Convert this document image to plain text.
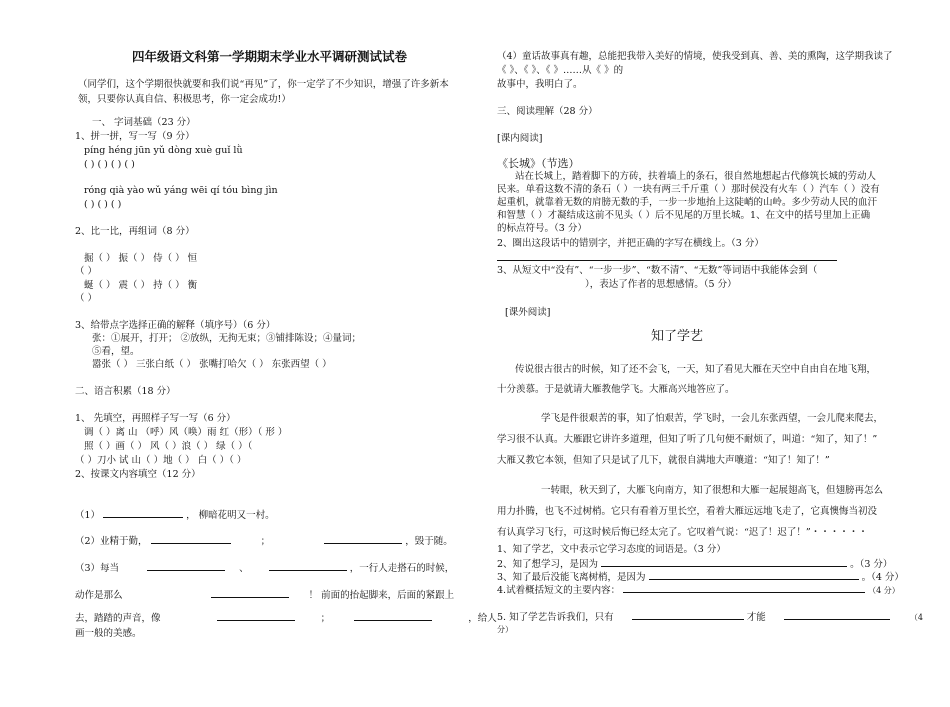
四年级语文科第一学期期末学业水平调研测试试卷
（同学们，这个学期很快就要和我们说“再见”了，你一定学了不少知识，增强了许多新本
领，只要你认真自信、积极思考，你一定会成功!）
一、 字词基础（23 分）
1、拼一拼，写一写（9 分）
píng héng jūn yǔ dòng xuè guǐ lǜ
( ) ( ) ( ) ( )
róng qià yào wǔ yáng wēi qí tóu bìng jìn
( ) ( ) ( )
2、比一比，再组词（8 分）
掘（ ） 振（ ） 侍（ ） 恒
（ ）
蜒（ ） 震（ ） 持（ ） 衡
（ ）
3、给带点字选择正确的解释（填序号）（6 分）
张：①展开，打开； ②放纵，无拘无束；③铺排陈设；④量词；
⑤看，望。
嚣张（ ） 三张白纸（ ） 张嘴打哈欠（ ） 东张西望（ ）
二、语言积累（18 分）
1、 先填空，再照样子写一写（6 分）
调（ ）离 山 （呼）风（唤）雨 红（形）（ 形 ）
照（ ）画（ ） 风（ ）浪（ ） 绿（ ）（
（ ）刀小 试 山（ ）地（ ） 白（ ）（ ）
2、按课文内容填空（12 分）
（1）	， 柳暗花明又一村。
（2）业精于勤，	；	，毁于随。
（3）每当	、	，一行人走搭石的时候，
动作是那么	！ 前面的抬起脚来，后面的紧跟上
去，踏踏的声音，像	；	，给人
画一般的美感。
（4）童话故事真有趣，总能把我带入美好的情境，使我受到真、善、美的熏陶，这学期我读了
《 》、《 》、《 》……从《 》的
故事中，我明白了。
三、阅读理解（28 分）
[课内阅读]
《长城》（节选）
站在长城上，踏着脚下的方砖，扶着墙上的条石，很自然地想起古代修筑长城的劳动人
民来。单看这数不清的条石（ ）一块有两三千斤重（ ）那时侯没有火车（ ）汽车（ ）没有
起重机，就靠着无数的肩膀无数的手，一步一步地抬上这陡峭的山岭。多少劳动人民的血汗
和智慧（ ）才凝结成这前不见头（ ）后不见尾的万里长城。1、在文中的括号里加上正确
的标点符号。（3 分）
2、圈出这段话中的错别字，并把正确的字写在横线上。（3 分）
3、从短文中“没有”、“一步一步”、“数不清”、“无数”等词语中我能体会到（
），表达了作者的思想感情。（5 分）
[课外阅读]
知了学艺
传说很古很古的时候，知了还不会飞，一天，知了看见大雁在天空中自由自在地飞翔，
十分羡慕。于是就请大雁教他学飞。大雁高兴地答应了。
学飞是件很艰苦的事，知了怕艰苦，学飞时，一会儿东张西望，一会儿爬来爬去，
学习很不认真。大雁跟它讲许多道理，但知了听了几句便不耐烦了，叫道：“知了，知了！”
大雁又教它本领，但知了只是试了几下，就很自满地大声嚷道：“知了！知了！”
一转眼，秋天到了，大雁飞向南方，知了很想和大雁一起展翅高飞，但翅膀再怎么
用力扑腾，也飞不过树梢。它只有看着万里长空，看着大雁远远地飞走了，它真懊悔当初没
有认真学习飞行，可这时候后悔已经太完了。它叹着气说：“迟了！迟了！”・・・・・・
1、知了学艺，文中表示它学习态度的词语是。（3 分）
2、知了想学习，是因为	。（3 分）
3、知了最后没能飞离树梢，是因为	。（4 分）
4.试着概括短文的主要内容：	（4 分）
5. 知了学艺告诉我们，只有	才能	（4
分）
